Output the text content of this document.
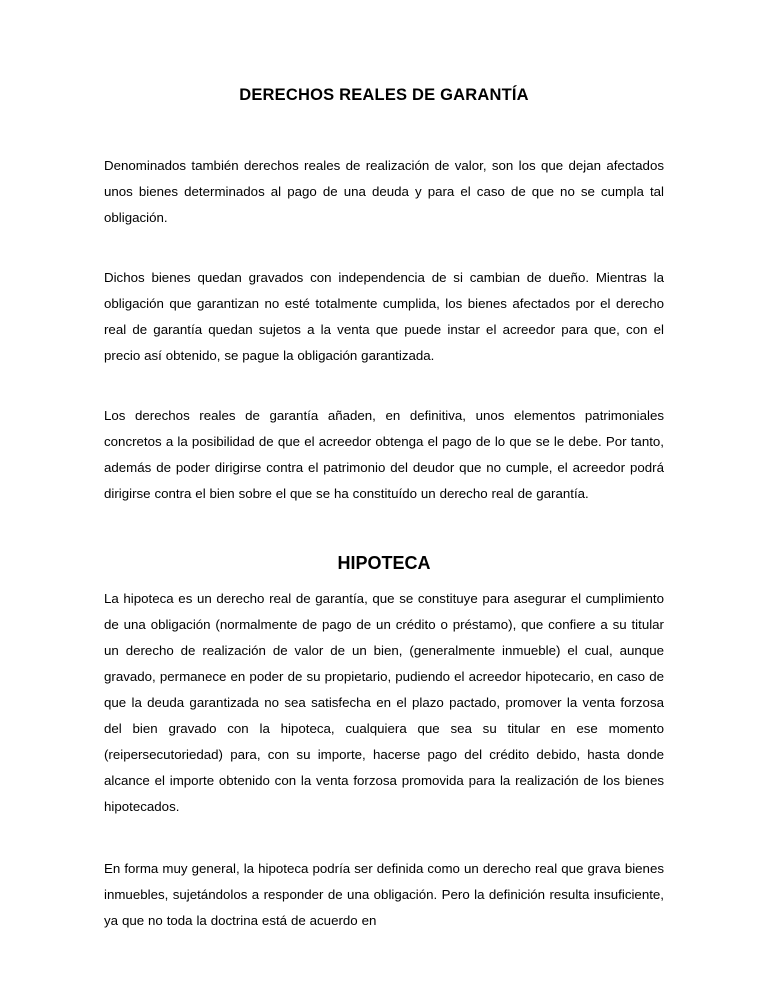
DERECHOS REALES DE GARANTÍA

Denominados también derechos reales de realización de valor, son los que dejan afectados unos bienes determinados al pago de una deuda y para el caso de que no se cumpla tal obligación.

Dichos bienes quedan gravados con independencia de si cambian de dueño. Mientras la obligación que garantizan no esté totalmente cumplida, los bienes afectados por el derecho real de garantía quedan sujetos a la venta que puede instar el acreedor para que, con el precio así obtenido, se pague la obligación garantizada.

Los derechos reales de garantía añaden, en definitiva, unos elementos patrimoniales concretos a la posibilidad de que el acreedor obtenga el pago de lo que se le debe. Por tanto, además de poder dirigirse contra el patrimonio del deudor que no cumple, el acreedor podrá dirigirse contra el bien sobre el que se ha constituído un derecho real de garantía.

HIPOTECA

La hipoteca es un derecho real de garantía, que se constituye para asegurar el cumplimiento de una obligación (normalmente de pago de un crédito o préstamo), que confiere a su titular un derecho de realización de valor de un bien, (generalmente inmueble) el cual, aunque gravado, permanece en poder de su propietario, pudiendo el acreedor hipotecario, en caso de que la deuda garantizada no sea satisfecha en el plazo pactado, promover la venta forzosa del bien gravado con la hipoteca, cualquiera que sea su titular en ese momento (reipersecutoriedad) para, con su importe, hacerse pago del crédito debido, hasta donde alcance el importe obtenido con la venta forzosa promovida para la realización de los bienes hipotecados.

En forma muy general, la hipoteca podría ser definida como un derecho real que grava bienes inmuebles, sujetándolos a responder de una obligación. Pero la definición resulta insuficiente, ya que no toda la doctrina está de acuerdo en
